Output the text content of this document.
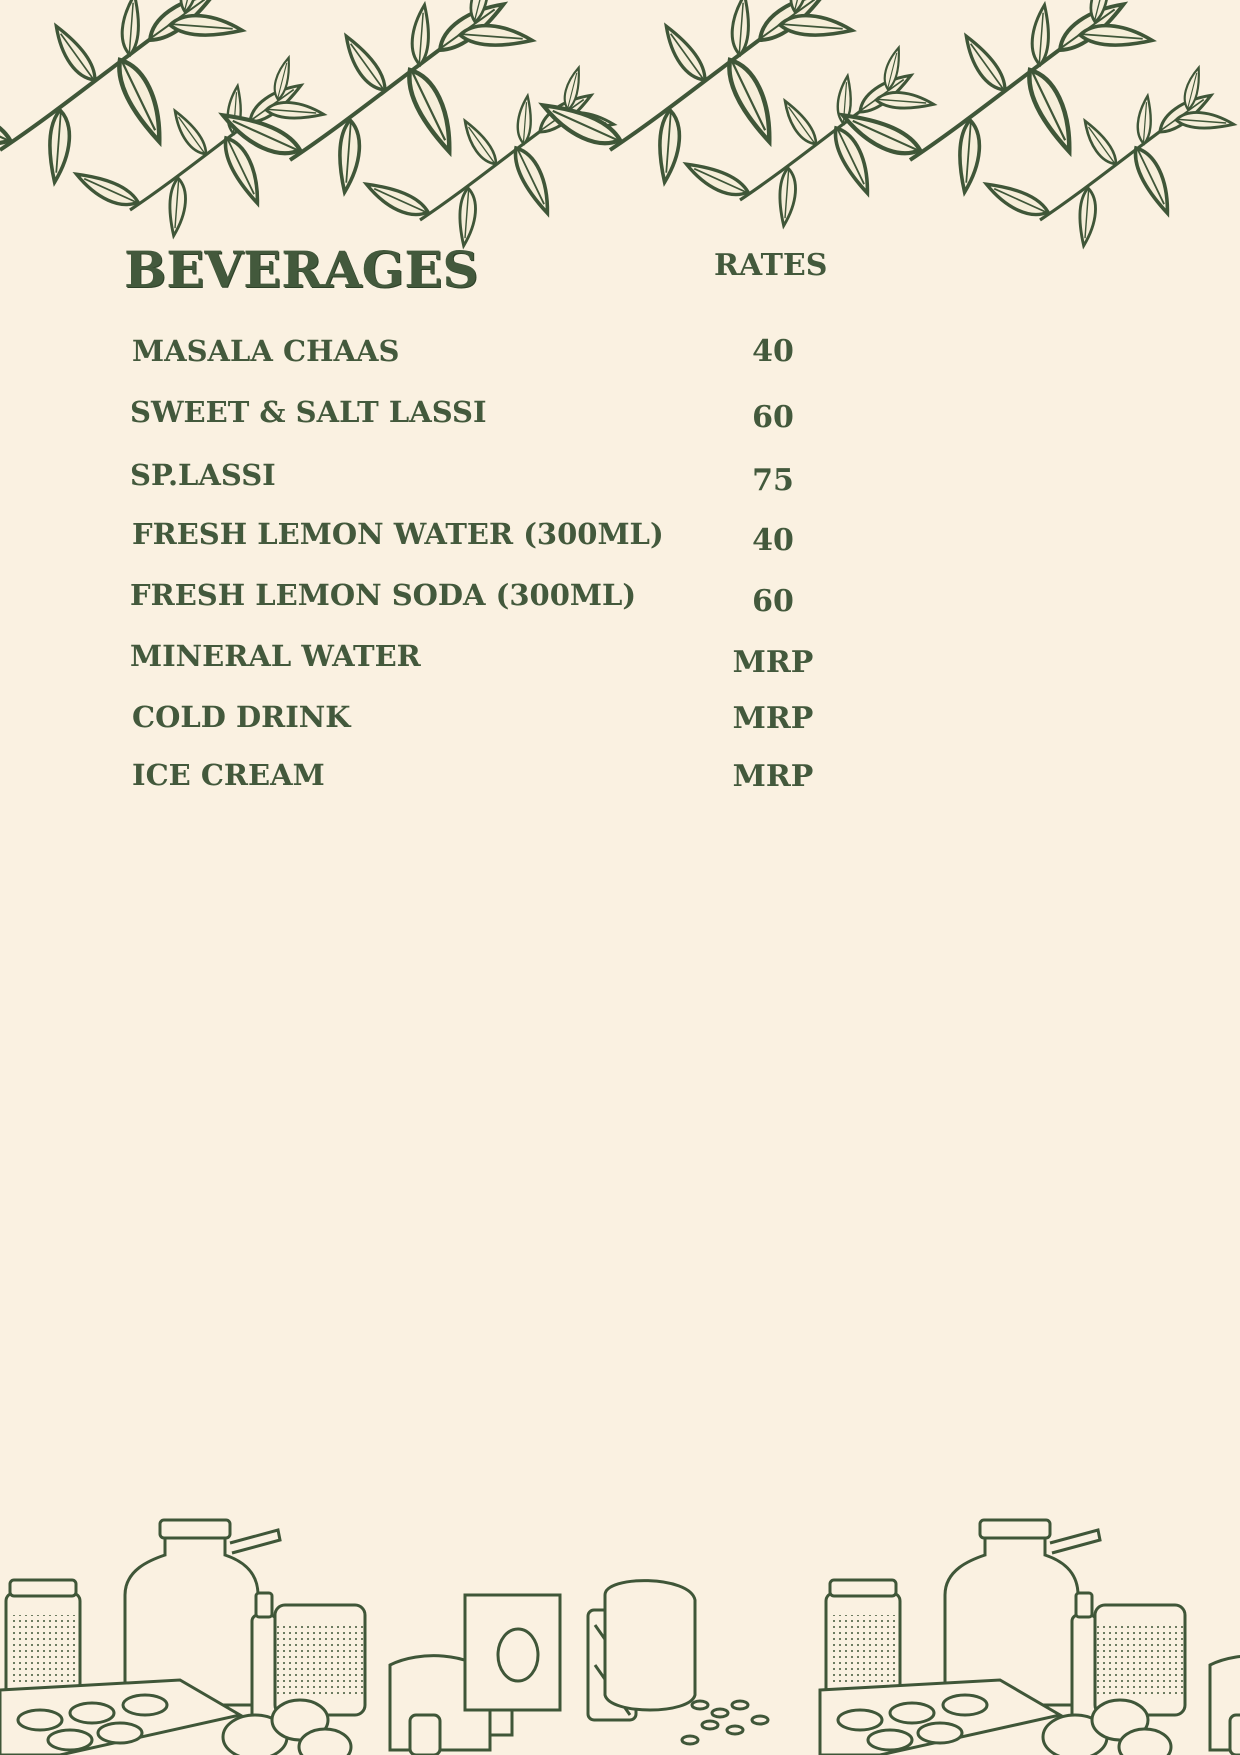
BEVERAGES	RATES
MASALA CHAAS	40
SWEET & SALT LASSI	60
SP.LASSI	75
FRESH LEMON WATER (300ML)	40
FRESH LEMON SODA (300ML)	60
MINERAL WATER	MRP
COLD DRINK	MRP
ICE CREAM	MRP
